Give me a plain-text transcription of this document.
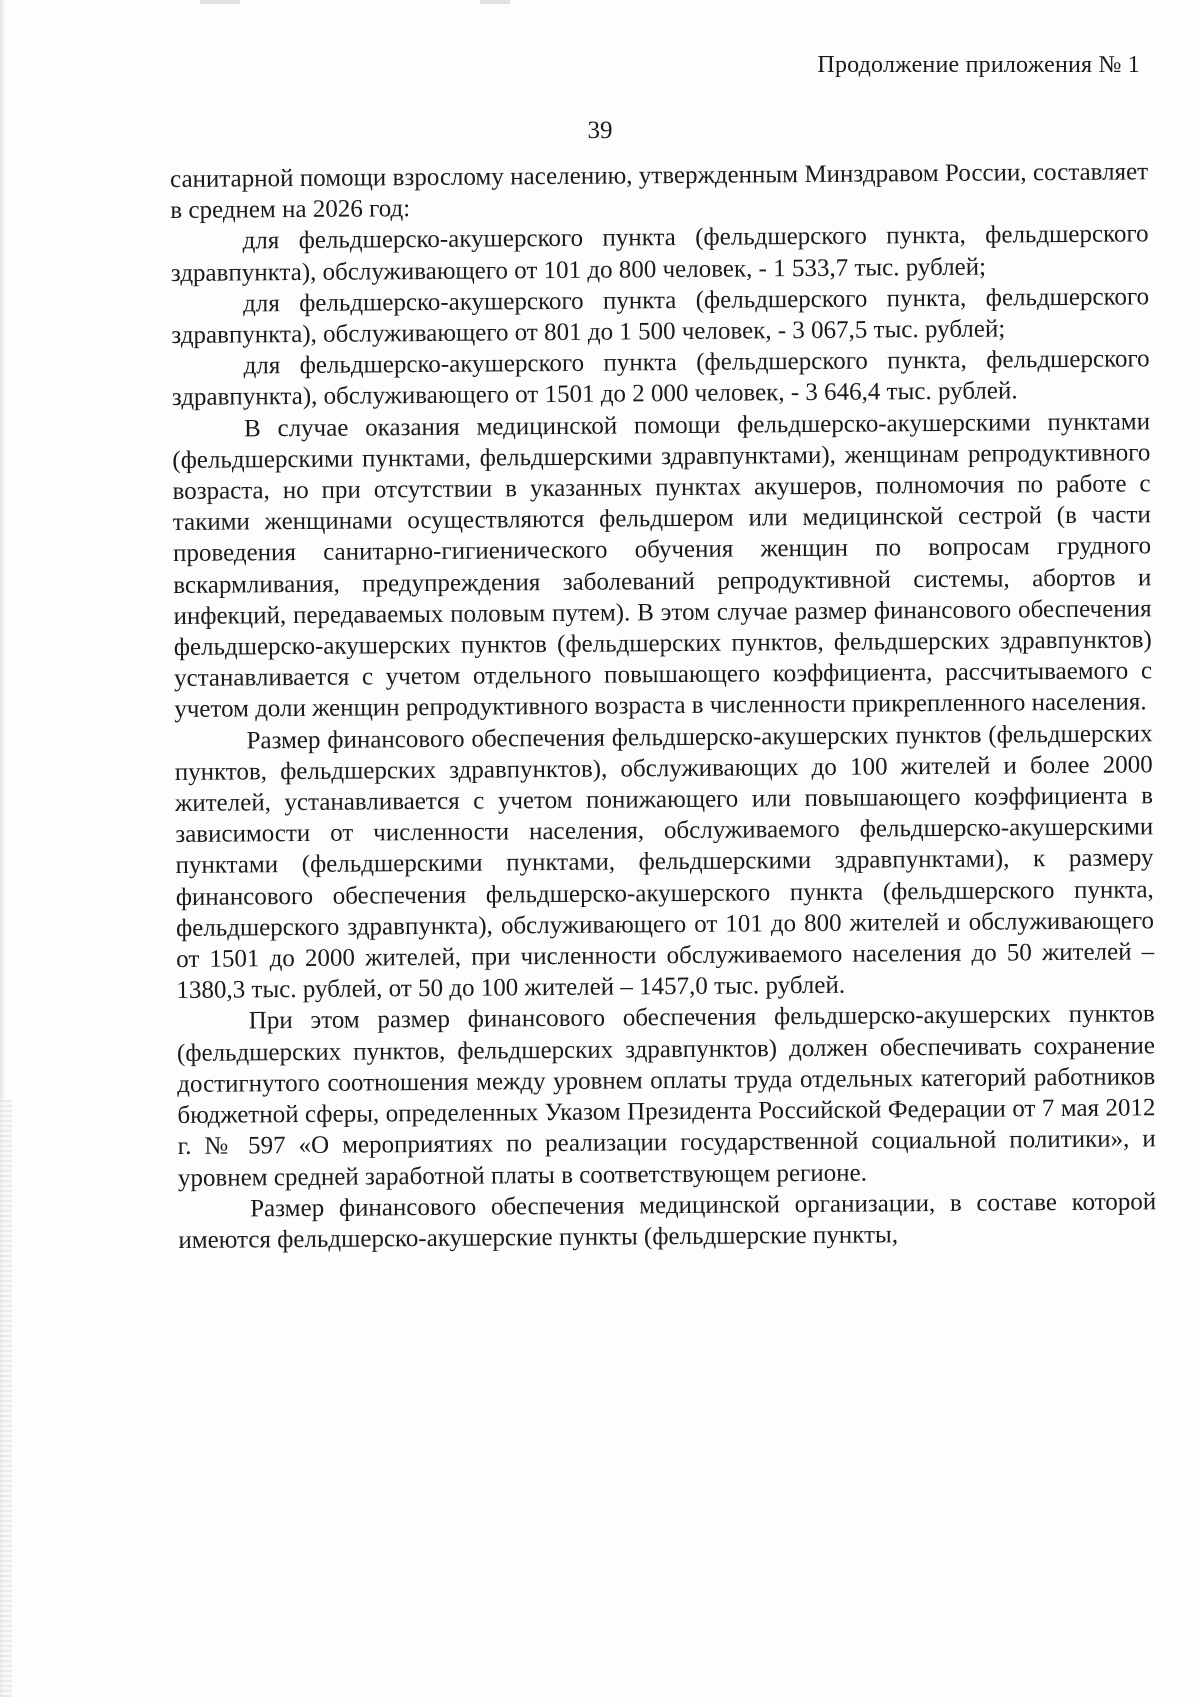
Продолжение приложения № 1
39

санитарной помощи взрослому населению, утвержденным Минздравом России, составляет в среднем на 2026 год:

для фельдшерско-акушерского пункта (фельдшерского пункта, фельдшерского здравпункта), обслуживающего от 101 до 800 человек, - 1 533,7 тыс. рублей;

для фельдшерско-акушерского пункта (фельдшерского пункта, фельдшерского здравпункта), обслуживающего от 801 до 1 500 человек, - 3 067,5 тыс. рублей;

для фельдшерско-акушерского пункта (фельдшерского пункта, фельдшерского здравпункта), обслуживающего от 1501 до 2 000 человек, - 3 646,4 тыс. рублей.

В случае оказания медицинской помощи фельдшерско-акушерскими пунктами (фельдшерскими пунктами, фельдшерскими здравпунктами), женщинам репродуктивного возраста, но при отсутствии в указанных пунктах акушеров, полномочия по работе с такими женщинами осуществляются фельдшером или медицинской сестрой (в части проведения санитарно-гигиенического обучения женщин по вопросам грудного вскармливания, предупреждения заболеваний репродуктивной системы, абортов и инфекций, передаваемых половым путем). В этом случае размер финансового обеспечения фельдшерско-акушерских пунктов (фельдшерских пунктов, фельдшерских здравпунктов) устанавливается с учетом отдельного повышающего коэффициента, рассчитываемого с учетом доли женщин репродуктивного возраста в численности прикрепленного населения.

Размер финансового обеспечения фельдшерско-акушерских пунктов (фельдшерских пунктов, фельдшерских здравпунктов), обслуживающих до 100 жителей и более 2000 жителей, устанавливается с учетом понижающего или повышающего коэффициента в зависимости от численности населения, обслуживаемого фельдшерско-акушерскими пунктами (фельдшерскими пунктами, фельдшерскими здравпунктами), к размеру финансового обеспечения фельдшерско-акушерского пункта (фельдшерского пункта, фельдшерского здравпункта), обслуживающего от 101 до 800 жителей и обслуживающего от 1501 до 2000 жителей, при численности обслуживаемого населения до 50 жителей – 1380,3 тыс. рублей, от 50 до 100 жителей – 1457,0 тыс. рублей.

При этом размер финансового обеспечения фельдшерско-акушерских пунктов (фельдшерских пунктов, фельдшерских здравпунктов) должен обеспечивать сохранение достигнутого соотношения между уровнем оплаты труда отдельных категорий работников бюджетной сферы, определенных Указом Президента Российской Федерации от 7 мая 2012 г. № 597 «О мероприятиях по реализации государственной социальной политики», и уровнем средней заработной платы в соответствующем регионе.

Размер финансового обеспечения медицинской организации, в составе которой имеются фельдшерско-акушерские пункты (фельдшерские пункты,
